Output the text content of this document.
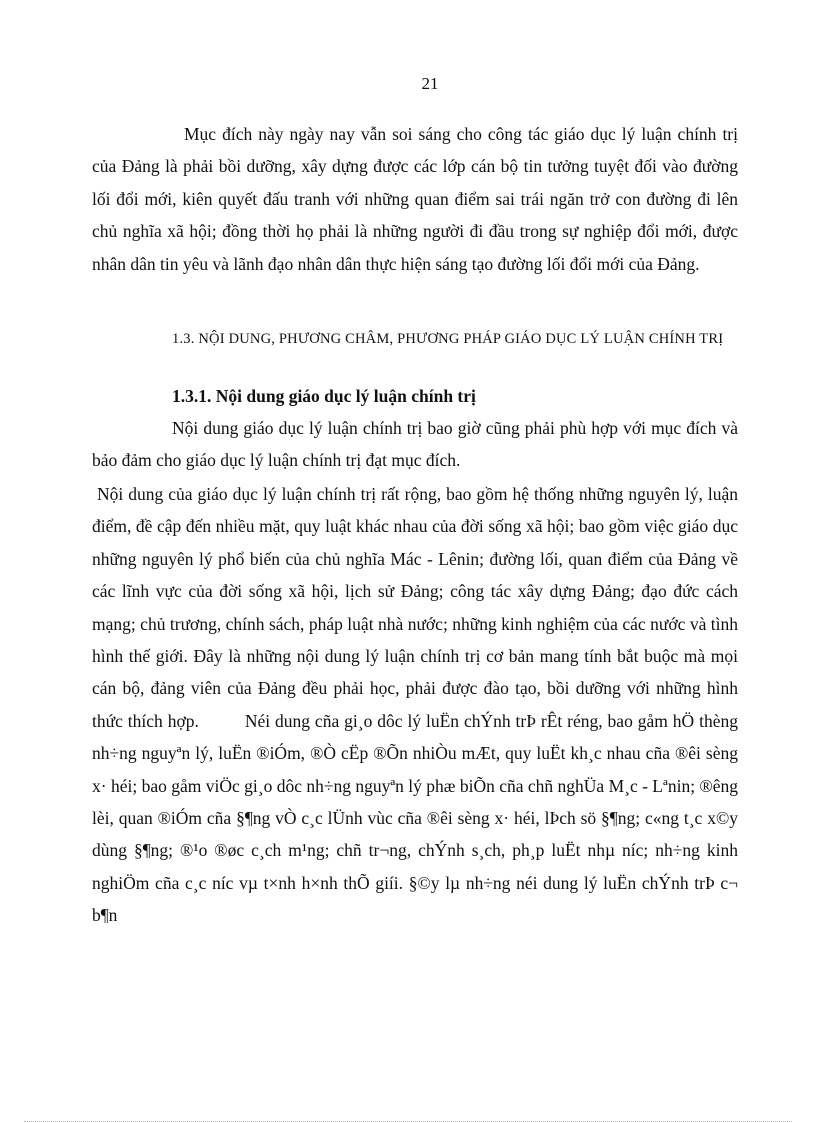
21

Mục đích này ngày nay vẫn soi sáng cho công tác giáo dục lý luận chính trị của Đảng là phải bồi dưỡng, xây dựng được các lớp cán bộ tin tưởng tuyệt đối vào đường lối đổi mới, kiên quyết đấu tranh với những quan điểm sai trái ngăn trở con đường đi lên chủ nghĩa xã hội; đồng thời họ phải là những người đi đầu trong sự nghiệp đổi mới, được nhân dân tin yêu và lãnh đạo nhân dân thực hiện sáng tạo đường lối đổi mới của Đảng.

1.3. NỘI DUNG, PHƯƠNG CHÂM, PHƯƠNG PHÁP GIÁO DỤC LÝ LUẬN CHÍNH TRỊ
1.3.1. Nội dung giáo dục lý luận chính trị

Nội dung giáo dục lý luận chính trị bao giờ cũng phải phù hợp với mục đích và bảo đảm cho giáo dục lý luận chính trị đạt mục đích.

Nội dung của giáo dục lý luận chính trị rất rộng, bao gồm hệ thống những nguyên lý, luận điểm, đề cập đến nhiều mặt, quy luật khác nhau của đời sống xã hội; bao gồm việc giáo dục những nguyên lý phổ biến của chủ nghĩa Mác - Lênin; đường lối, quan điểm của Đảng về các lĩnh vực của đời sống xã hội, lịch sử Đảng; công tác xây dựng Đảng; đạo đức cách mạng; chủ trương, chính sách, pháp luật nhà nước; những kinh nghiệm của các nước và tình hình thế giới. Đây là những nội dung lý luận chính trị cơ bản mang tính bắt buộc mà mọi cán bộ, đảng viên của Đảng đều phải học, phải được đào tạo, bồi dưỡng với những hình thức thích hợp.	Néi dung cña gi¸o dôc lý luËn chÝnh trÞ rÊt réng, bao gåm hÖ thèng nh÷ng nguyªn lý, luËn ®iÓm, ®Ò cËp ®Õn nhiÒu mÆt, quy luËt kh¸c nhau cña ®êi sèng x· héi; bao gåm viÖc gi¸o dôc nh÷ng nguyªn lý phæ biÕn cña chñ nghÜa M¸c - Lªnin; ®êng lèi, quan ®iÓm cña §¶ng vÒ c¸c lÜnh vùc cña ®êi sèng x· héi, lÞch sö §¶ng; c«ng t¸c x©y dùng §¶ng; ®¹o ®øc c¸ch m¹ng; chñ tr¬ng, chÝnh s¸ch, ph¸p luËt nhµ níc; nh÷ng kinh nghiÖm cña c¸c níc vµ t×nh h×nh thÕ giíi. §©y lµ nh÷ng néi dung lý luËn chÝnh trÞ c¬ b¶n
